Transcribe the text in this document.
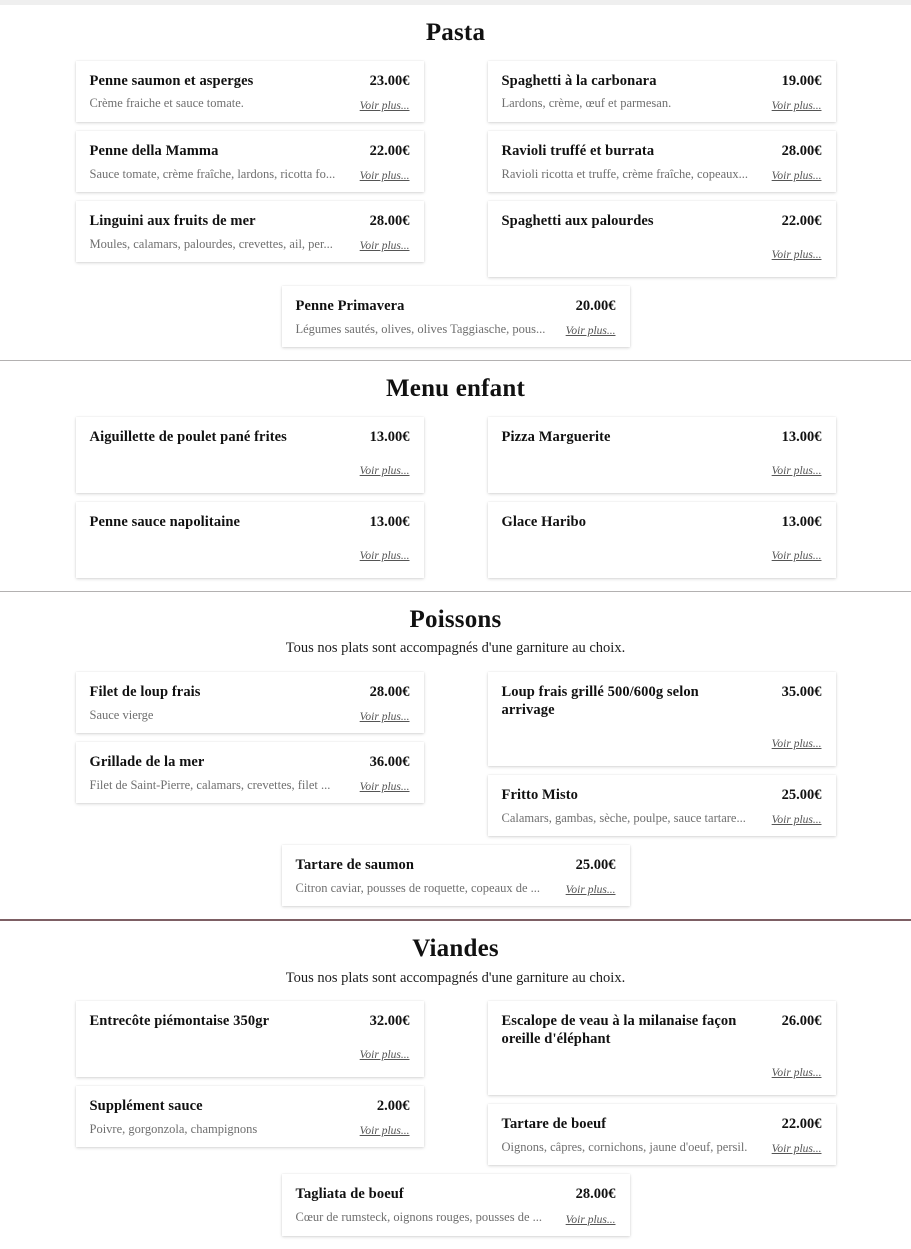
Pasta
Penne saumon et asperges	23.00€
Crème fraiche et sauce tomate.	Voir plus...
Penne della Mamma	22.00€
Sauce tomate, crème fraîche, lardons, ricotta fo...	Voir plus...
Linguini aux fruits de mer	28.00€
Moules, calamars, palourdes, crevettes, ail, per...	Voir plus...
Spaghetti à la carbonara	19.00€
Lardons, crème, œuf et parmesan.	Voir plus...
Ravioli truffé et burrata	28.00€
Ravioli ricotta et truffe, crème fraîche, copeaux...	Voir plus...
Spaghetti aux palourdes	22.00€
Voir plus...
Penne Primavera	20.00€
Légumes sautés, olives, olives Taggiasche, pous...	Voir plus...
Menu enfant
Aiguillette de poulet pané frites	13.00€
Voir plus...
Penne sauce napolitaine	13.00€
Voir plus...
Pizza Marguerite	13.00€
Voir plus...
Glace Haribo	13.00€
Voir plus...
Poissons
Tous nos plats sont accompagnés d'une garniture au choix.
Filet de loup frais	28.00€
Sauce vierge	Voir plus...
Grillade de la mer	36.00€
Filet de Saint-Pierre, calamars, crevettes, filet ...	Voir plus...
Loup frais grillé 500/600g selon arrivage
35.00€
Voir plus...
Fritto Misto	25.00€
Calamars, gambas, sèche, poulpe, sauce tartare...	Voir plus...
Tartare de saumon	25.00€
Citron caviar, pousses de roquette, copeaux de ...	Voir plus...
Viandes
Tous nos plats sont accompagnés d'une garniture au choix.
Entrecôte piémontaise 350gr	32.00€
Voir plus...
Supplément sauce	2.00€
Poivre, gorgonzola, champignons	Voir plus...
Escalope de veau à la milanaise façon oreille d'éléphant
26.00€
Voir plus...
Tartare de boeuf	22.00€
Oignons, câpres, cornichons, jaune d'oeuf, persil.	Voir plus...
Tagliata de boeuf	28.00€
Cœur de rumsteck, oignons rouges, pousses de ...	Voir plus...
